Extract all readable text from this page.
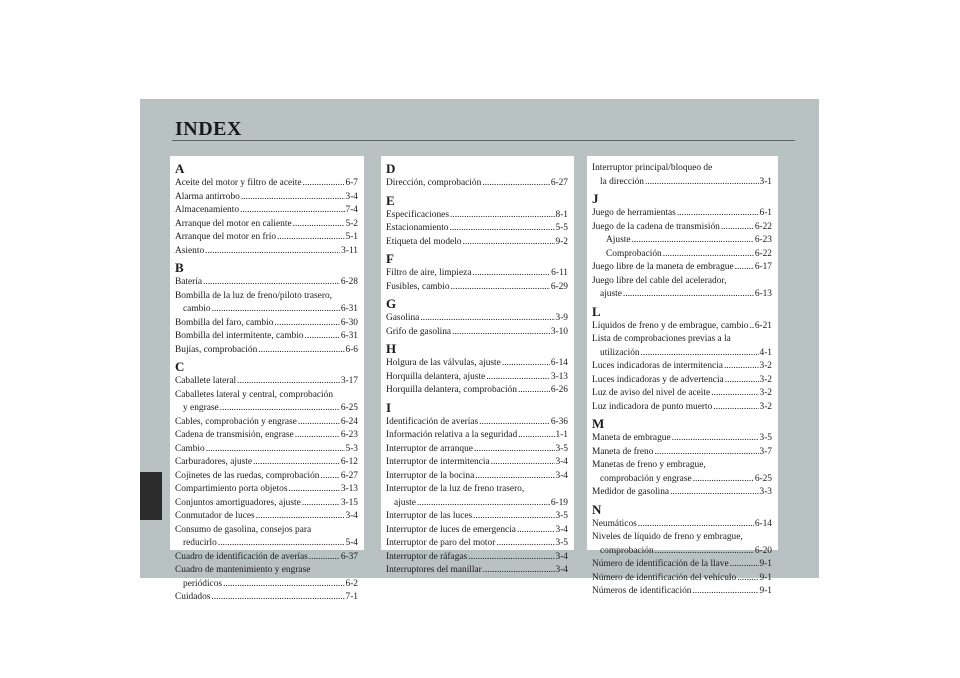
INDEX
A
Aceite del motor y filtro de aceite .....	6-7
Alarma antirrobo .....	3-4
Almacenamiento .....	7-4
Arranque del motor en caliente .....	5-2
Arranque del motor en frío .....	5-1
Asiento .....	3-11
B
Batería .....	6-28
Bombilla de la luz de freno/piloto trasero,
cambio .....	6-31
Bombilla del faro, cambio .....	6-30
Bombilla del intermitente, cambio .....	6-31
Bujías, comprobación .....	6-6
C
Caballete lateral .....	3-17
Caballetes lateral y central, comprobación
y engrase .....	6-25
Cables, comprobación y engrase .....	6-24
Cadena de transmisión, engrase .....	6-23
Cambio .....	5-3
Carburadores, ajuste .....	6-12
Cojinetes de las ruedas, comprobación ..... 6-27
Compartimiento porta objetos .....	3-13
Conjuntos amortiguadores, ajuste .....	3-15
Conmutador de luces .....	3-4
Consumo de gasolina, consejos para
reducirlo .....	5-4
Cuadro de identificación de averías .....	6-37
Cuadro de mantenimiento y engrase
periódicos .....	6-2
Cuidados .....	7-1
D
Dirección, comprobación .....	6-27
E
Especificaciones .....	8-1
Estacionamiento .....	5-5
Etiqueta del modelo .....	9-2
F
Filtro de aire, limpieza .....	6-11
Fusibles, cambio .....	6-29
G
Gasolina .....	3-9
Grifo de gasolina .....	3-10
H
Holgura de las válvulas, ajuste .....	6-14
Horquilla delantera, ajuste .....	3-13
Horquilla delantera, comprobación .....	6-26
I
Identificación de averías .....	6-36
Información relativa a la seguridad .....	1-1
Interruptor de arranque .....	3-5
Interruptor de intermitencia .....	3-4
Interruptor de la bocina .....	3-4
Interruptor de la luz de freno trasero,
ajuste .....	6-19
Interruptor de las luces .....	3-5
Interruptor de luces de emergencia .....	3-4
Interruptor de paro del motor .....	3-5
Interruptor de ráfagas .....	3-4
Interruptores del manillar .....	3-4
Interruptor principal/bloqueo de
la dirección .....	3-1
J
Juego de herramientas .....	6-1
Juego de la cadena de transmisión .....	6-22
Ajuste .....	6-23
Comprobación .....	6-22
Juego libre de la maneta de embrague ..... 6-17
Juego libre del cable del acelerador,
ajuste .....	6-13
L
Líquidos de freno y de embrague, cambio ..... 6-21
Lista de comprobaciones previas a la
utilización .....	4-1
Luces indicadoras de intermitencia .....	3-2
Luces indicadoras y de advertencia .....	3-2
Luz de aviso del nivel de aceite .....	3-2
Luz indicadora de punto muerto .....	3-2
M
Maneta de embrague .....	3-5
Maneta de freno .....	3-7
Manetas de freno y embrague,
comprobación y engrase .....	6-25
Medidor de gasolina .....	3-3
N
Neumáticos .....	6-14
Niveles de líquido de freno y embrague,
comprobación .....	6-20
Número de identificación de la llave .....	9-1
Número de identificación del vehículo ..... 9-1
Números de identificación .....	9-1
